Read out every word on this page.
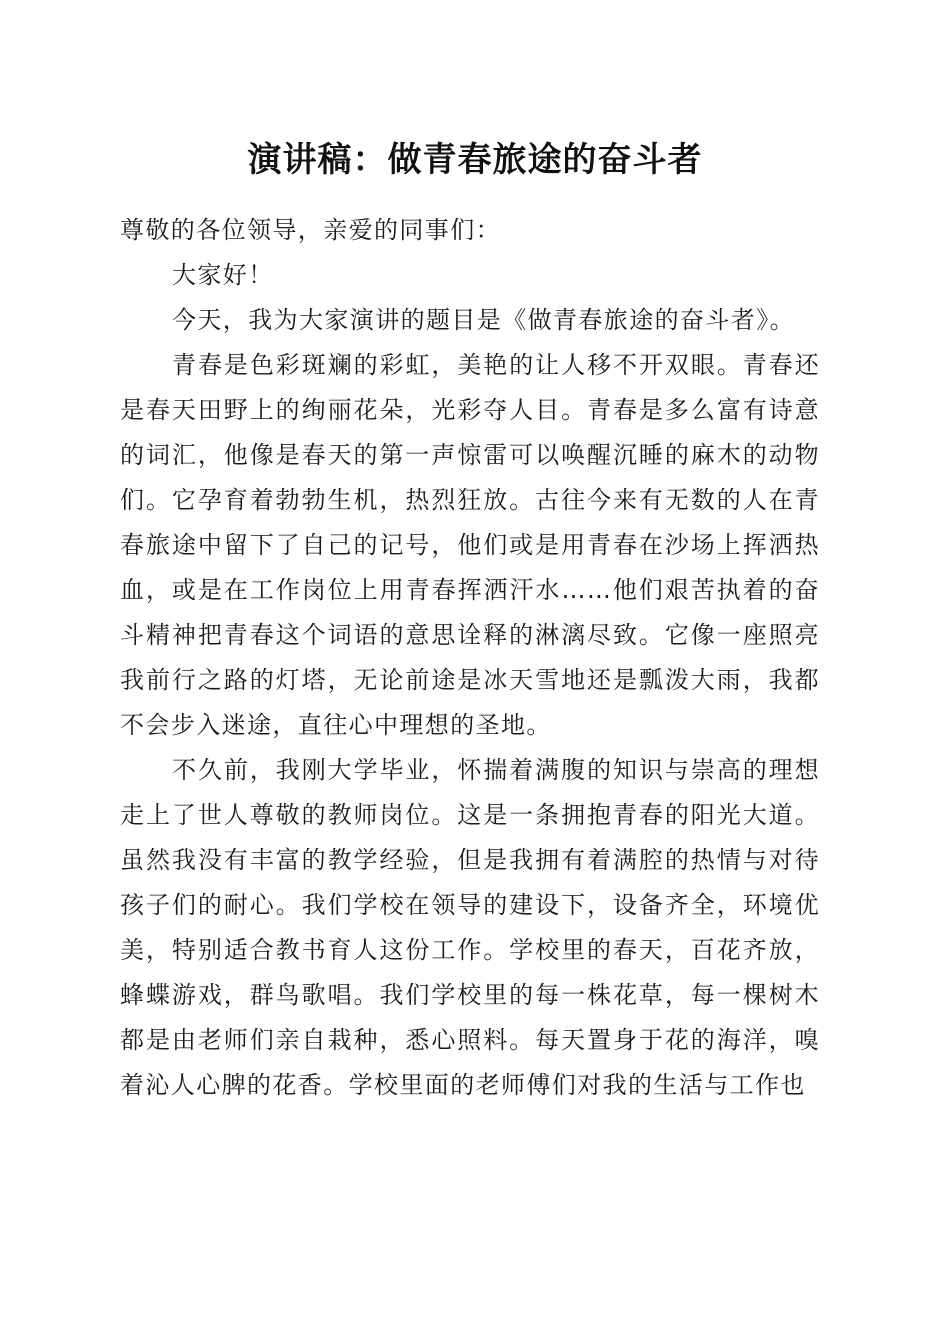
演讲稿：做青春旅途的奋斗者

尊敬的各位领导，亲爱的同事们：

大家好！

今天，我为大家演讲的题目是《做青春旅途的奋斗者》。

青春是色彩斑斓的彩虹，美艳的让人移不开双眼。青春还是春天田野上的绚丽花朵，光彩夺人目。青春是多么富有诗意的词汇，他像是春天的第一声惊雷可以唤醒沉睡的麻木的动物们。它孕育着勃勃生机，热烈狂放。古往今来有无数的人在青春旅途中留下了自己的记号，他们或是用青春在沙场上挥洒热血，或是在工作岗位上用青春挥洒汗水……他们艰苦执着的奋斗精神把青春这个词语的意思诠释的淋漓尽致。它像一座照亮我前行之路的灯塔，无论前途是冰天雪地还是瓢泼大雨，我都不会步入迷途，直往心中理想的圣地。

不久前，我刚大学毕业，怀揣着满腹的知识与崇高的理想走上了世人尊敬的教师岗位。这是一条拥抱青春的阳光大道。虽然我没有丰富的教学经验，但是我拥有着满腔的热情与对待孩子们的耐心。我们学校在领导的建设下，设备齐全，环境优美，特别适合教书育人这份工作。学校里的春天，百花齐放，蜂蝶游戏，群鸟歌唱。我们学校里的每一株花草，每一棵树木都是由老师们亲自栽种，悉心照料。每天置身于花的海洋，嗅着沁人心脾的花香。学校里面的老师傅们对我的生活与工作也
